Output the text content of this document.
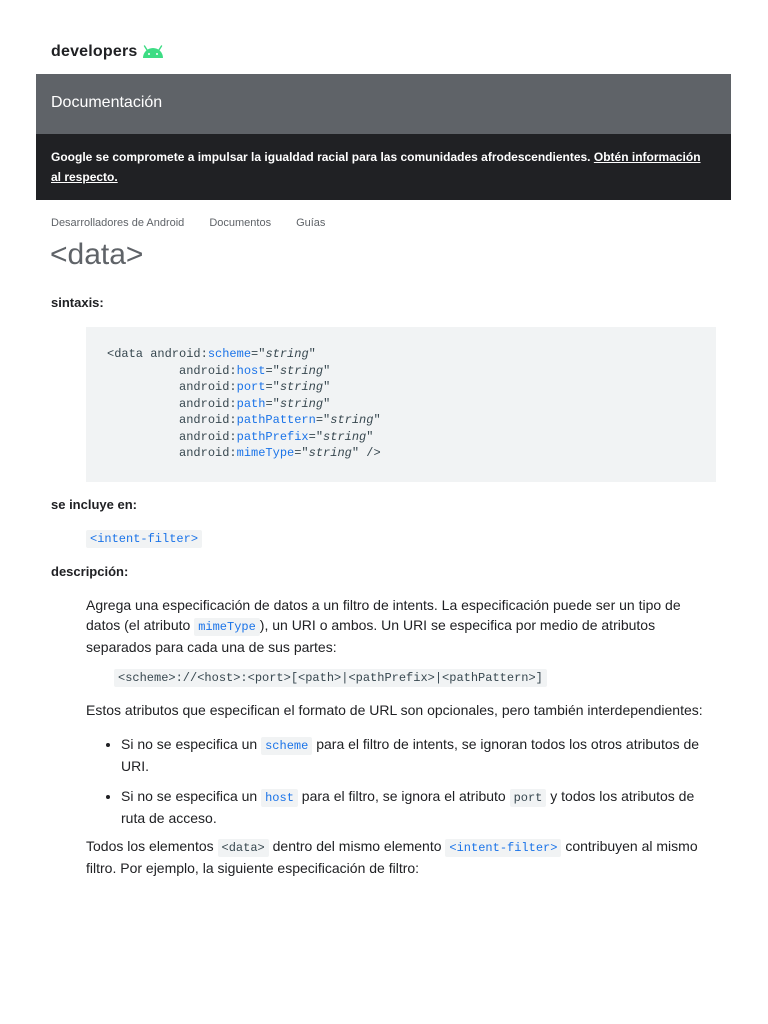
developers
Documentación

Google se compromete a impulsar la igualdad racial para las comunidades afrodescendientes. Obtén información al respecto.

Desarrolladores de Android Documentos Guías
<data>

sintaxis:

<data android:scheme="string"
android:host="string"
android:port="string"
android:path="string"
android:pathPattern="string"
android:pathPrefix="string"
android:mimeType="string" />

se incluye en:

<intent-filter>

descripción:

Agrega una especificación de datos a un filtro de intents. La especificación puede ser un tipo de datos (el atributo mimeType ), un URI o ambos. Un URI se especifica por medio de atributos separados para cada una de sus partes:

<scheme>://<host>:<port>[<path>|<pathPrefix>|<pathPattern>]

Estos atributos que especifican el formato de URL son opcionales, pero también interdependientes:

• Si no se especifica un scheme para el filtro de intents, se ignoran todos los otros atributos de URI.
• Si no se especifica un host para el filtro, se ignora el atributo port y todos los atributos de ruta de acceso.

Todos los elementos <data> dentro del mismo elemento <intent-filter> contribuyen al mismo filtro. Por ejemplo, la siguiente especificación de filtro:
